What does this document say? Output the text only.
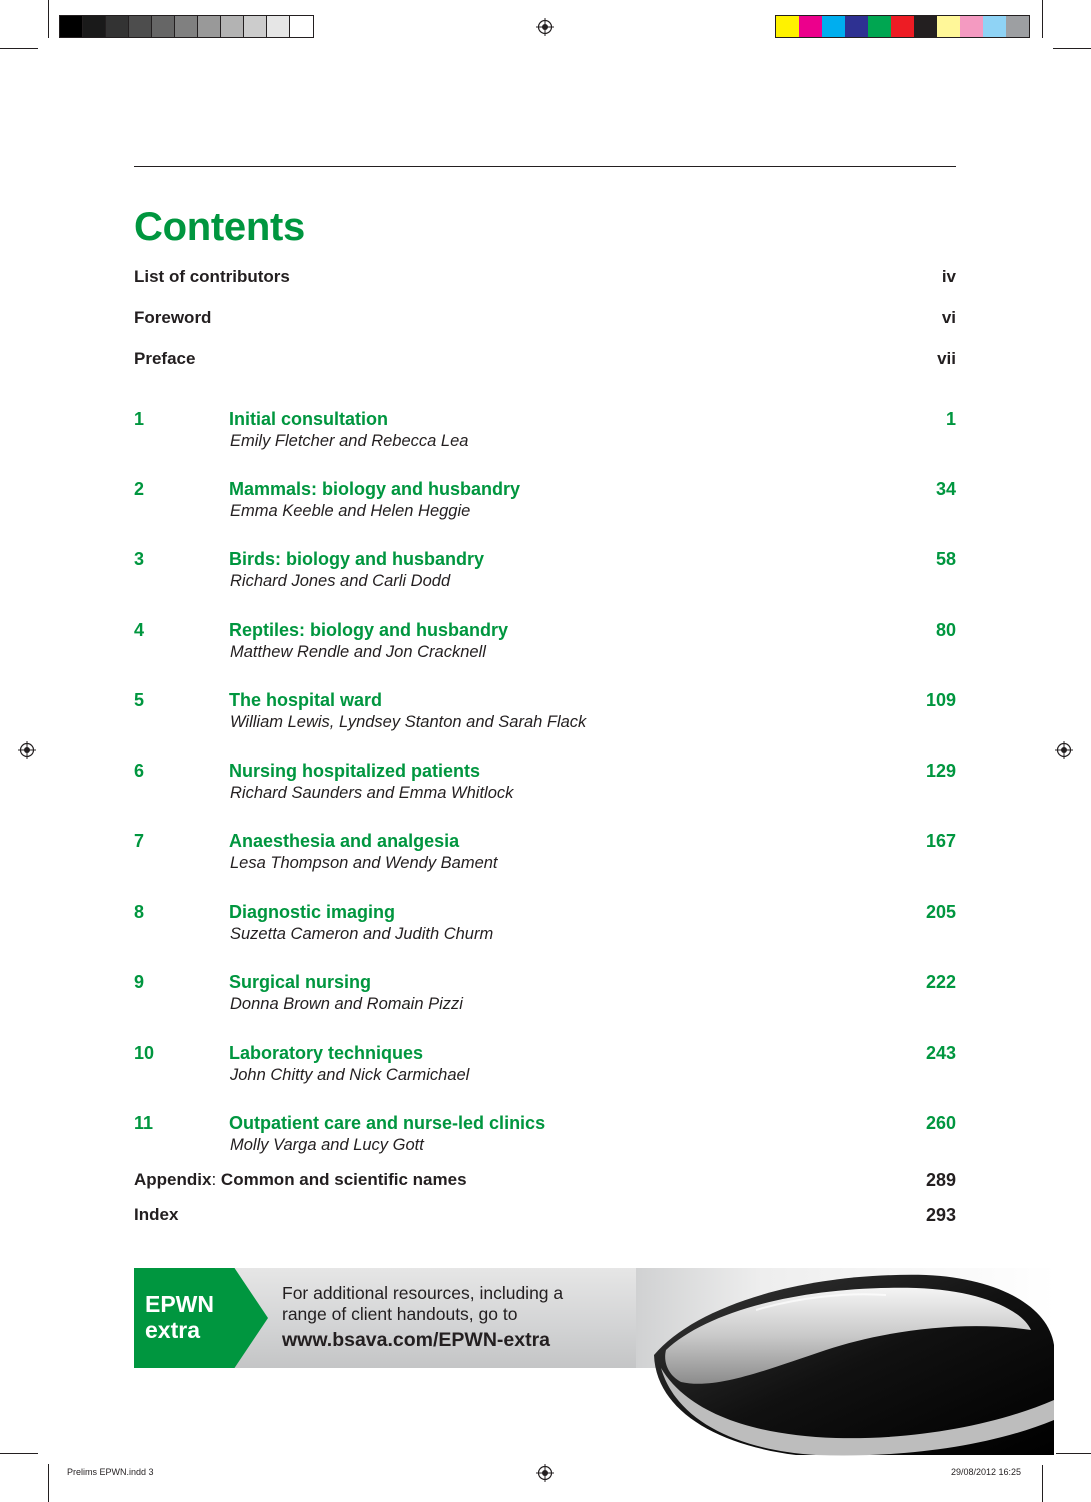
Contents
List of contributors	iv
Foreword	vi
Preface	vii
1	Initial consultation	1
Emily Fletcher and Rebecca Lea
2	Mammals: biology and husbandry	34
Emma Keeble and Helen Heggie
3	Birds: biology and husbandry	58
Richard Jones and Carli Dodd
4	Reptiles: biology and husbandry	80
Matthew Rendle and Jon Cracknell
5	The hospital ward	109
William Lewis, Lyndsey Stanton and Sarah Flack
6	Nursing hospitalized patients	129
Richard Saunders and Emma Whitlock
7	Anaesthesia and analgesia	167
Lesa Thompson and Wendy Bament
8	Diagnostic imaging	205
Suzetta Cameron and Judith Churm
9	Surgical nursing	222
Donna Brown and Romain Pizzi
10	Laboratory techniques	243
John Chitty and Nick Carmichael
11	Outpatient care and nurse-led clinics	260
Molly Varga and Lucy Gott
Appendix: Common and scientific names	289
Index	293
EPWN
extra
For additional resources, including a
range of client handouts, go to
www.bsava.com/EPWN-extra
Prelims EPWN.indd 3	29/08/2012 16:25
